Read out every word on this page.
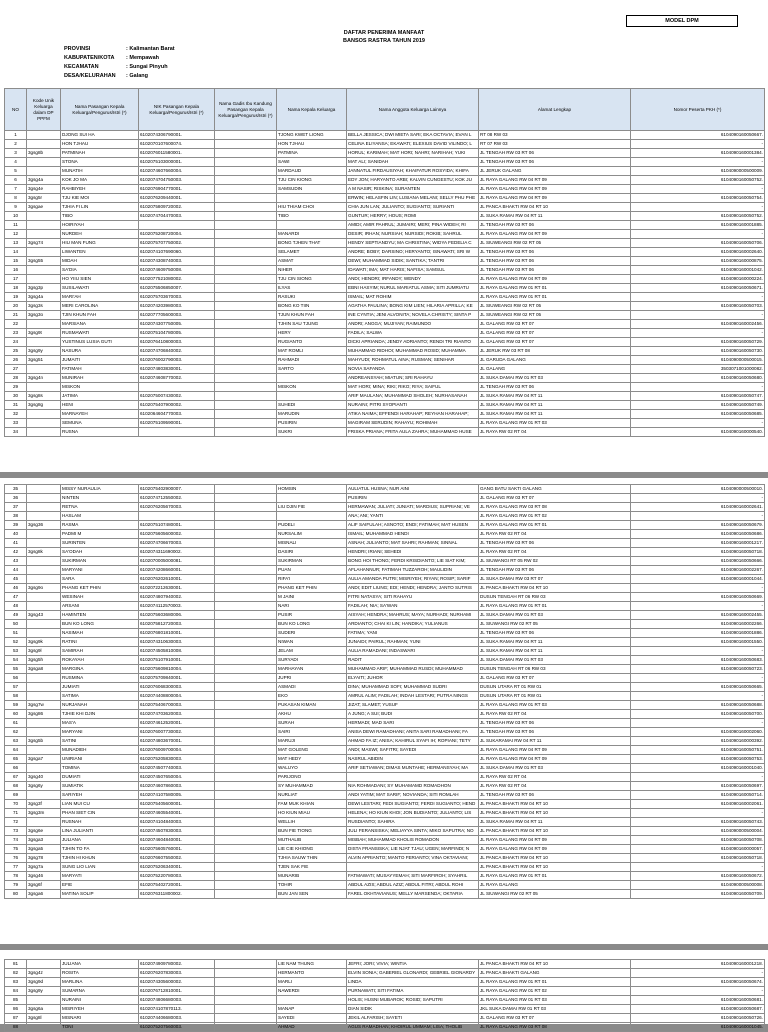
MODEL DPM
DAFTAR PENERIMA MANFAAT
BANSOS RASTRA TAHUN 2019
PROVINSI	: Kalimantan Barat
KABUPATEN/KOTA : Mempawah
KECAMATAN	: Sungai Pinyuh
DESA/KELURAHAN : Galang
NO	Kode Unik Keluarga dalam DP PPFM	Nama Pasangan Kepala Keluarga/Pengurus/Istri (*)	NIK Pasangan Kepala Keluarga/Pengurus/Istri (*)	Nama Gadis Ibu Kandung Pasangan Kepala Keluarga/Pengurus/Istri (*)	Nama Kepala Keluarga	Nama Anggota Keluarga Lainnya	Alamat Lengkap	Nomor Peserta PKH (*)
1		DJONG SUI HA	6102074306790001.		TJONG KWET LIONG	BELLA JESSICA; DWI MIETA SARI; EKA OCTAVIA; EVAN L	RT 08 RW 03	6104090160050667.
2		HON TJHAU	6102070107600074.		HON TJHAU	CELINA ELIYANSA; EKAWATI; ELEXIUS DAVID VILINDO; L	RT 07 RW 03	-
3	3gsg8b	PATMINAH	6102076011580001.		PATMINA	HORUL; KARIMAH; MAT HORI; NAHRI; NARIHAH; YUKI	JL TENGAH RW 03 RT 06	6104090160001384.
4		STONA	6102075103000001.		SAWI	MAT ALI; SANIDAH	JL TENGAH RW 03 RT 06	-
5		MUNATIH	6102074607660004.		MARDAUD	JANNATUL FIRDAUSIYAH; KHAIFATUR ROSYIDA; KHIFA	JL JERUK GALANG	6104090000500009.
6	3gsg4a	KOK JO MA	6102074704750003.		TJU CIN KIONG	EDY JON; HARYANTO ARBI; KALVIN CUNGESTU; KOK JU	JL RAYA GALANG RW 04 RT 09	6104090160050752.
7	3gsg4e	RAHBIYEH	6102076904770001.		SAMSUDIN	A M NASIR; RISKINA; SURANTEN	JL RAYA GALANG RW 04 RT 09	-
8	3gsg5r	TJU KIE MOI	6102076209440001.			ERWIN; HELASFIN LIN; LUSIANA MELANI; SELLY PHU PHE	JL RAYA GALANG RW 04 RT 09	6104090160050754.
9	3gsgae	TJHIA FI LIN	6102075809720002.		HIU THIAM CHOI	CHIA JUN LAN; JULIANTO; SUGIANTO; SURIANTI	JL PANCA BHAKTI RW 04 RT 10	-
10		TIBO	6102074704470003.		TIBO	GUNTUR; HERRY; HOUS; ROMI	JL SUKA RAMAI RW 04 RT 11	6104090160050752.
11		HOIRIYAH				AMIDI; AMIR PAHRUL; JUMAIRI; MERI; PINA WIDEH; RI	JL TENGAH RW 03 RT 06	6104090160001885.
12		NURDEH	6102075208720004.		MANARDI	DESIR; IRHAN; NURSIAH; NURSIDI; ROKIB; SAHRUL	JL RAYA GALANG RW 04 RT 09	-
13	3gsg74	HIU MAN FUNG	6102075707750002.		BONG TJHEN THAT	HENDY SEPTIANDYU; MA CHRISTINA; WIDYA FEDELIA C	JL SIUWEANGI RW 02 RT 05	6104090160050706.
14		LIWANTEN	6102074107690060.		SELAMET	ANDRE; BOBY; DARSINO; HERYANTO; ISNAWATI; SRI W	JL TENGAH RW 03 RT 06	6104090160002640.
15	3gsg55	MIDAH	6102074308740003.		ASMAT	DEWI; MUHAMMAD SIDIK; SANTIKA; TANTRI	JL TENGAH RW 03 RT 06	6104090160000875.
16		SA'DIA	6102074609750008.		NIHER	IDAWATI; IMA; MAT HARIS; NAFISA; SAMSUL	JL TENGAH RW 03 RT 06	6104090160001042.
17		HO YIIU SIEN	6102077521080002.		TJU CIN SIONG	ANDI; HENDRI; IRFANDY; WENDY	JL RAYA GALANG RW 04 RT 09	6104090160000224.
18	3gsg3p	SUSILAWATI	6102075506850007.		ILYAS	EBNI HASYIM; NURUL MARIATUL ASMA; SITI JUMRIATU	JL RAYA GALANG RW 01 RT 01	6104090160050671.
19	3gsg4a	MARI'AH	6102075703670003.		RASUKI	ISMAIL; MAT ROHIM	JL RAYA GALANG RW 01 RT 01	-
20	3gsg3s	MERI CAROLINA	6102074203980003.		BONG KO TIIN	AGATHA PAULINA; BONG KIM LIEN; HILARIA APRILLA; KE	JL SIUWEANGI RW 02 RT 05	6104090160050703.
21	3gsg3o	TJIN KHUN FAH	6102077705600003.		TJUN KHUN FAH	INE CYNTIA; JENI ALVONITA; NOVELA CHRISTY; SINTA P	JL SIUWEANGI RW 02 RT 05	-
22		MARSIANA	6102074307750005.		TJHIN SAU TJUNG	ANDRI; ANGGA; MUJIYAN; RAIMUNDO	JL GALANG RW 03 RT 07	6104090160002456.
23	3gsg9t	RUSMAWATI	6102075104780005.		HERY	FADILA; SALWA	JL GALANG RW 03 RT 07	-
24		YUSTINUS LUSIA GUTI	6102076410800003.		RUGIANTO	DICKI APRIANDA; JENDY ADRIANTO; RENDI TRI RIANTO	JL GALANG RW 03 RT 07	6104090160050729.
25	3gsg9y	NASURA	6102074706840002.		MAT ROMLI	MUHAMMAD RIDHOI; MUHAMMAD ROSID; MUHAMMA	JL JERUK RW 03 RT 08	6104090160050730.
26	3gsg51	JUMAITI	6102076002790003.		RAHMADI	MAHYUDI; ROHMATUL AINA; RUSMAN; SENIHAR	JL GARUDA GALANG	6104090000500015.
27		FATIMAH	6102074803830001.		SARTO	NOVIA SAFANDA	JL GALANG	3503071001000082.
28	3gsg4n	MUNIRAH	6102074608770002.			ANDREANSYAH; MIATUN; SRI RAHAYU	JL SUKA DAMAI RW 01 RT 03	6104090160050680.
29		MISKON			MISKON	MAT HORI; MINA; RIKI; RIKO; RIYA; SAIFUL	JL TENGAH RW 03 RT 06	-
30	3gsg8s	JATIMA	6102075007430002.			ARIF MAULANA; MUHAMMAD SHOLEH; NURHASANAH	JL SUKA RAMAI RW 04 RT 11	6104090160050747.
31	3gsg8g	HENI	6102075407900002.		SUHEDI	NURAINI; PITRI SYOPIANTI	JL SUKA RAMAI RW 04 RT 11	6104090160050749.
32		MARNAYEH	6102064604770003.		MARUDIN	ATIKA NAIMA; EFFENDI HARAHAP; REYHAN HARAHAP;	JL SUKA RAMAI RW 04 RT 11	6104090160050685.
33		SEMUNA	6102075109590001.		PUSIRIN	MAGIRAM SERUDIN; RAHAYU; ROHIMAH	JL RAYA GALANG RW 01 RT 03	-
34		RUSNA			SUKRI	FRISKA PRIANA; FRITA AULA ZAHRA; MUHAMMAD HUSE	JL RAYA RW 02 RT 04	6104090160000540.
35		MISSY NURAULIA	6102075402900007.		HOMSIN	AULIATUL HUSNA; NUR AINI	GANG BATU SAKTI GALANG	6104090000500010.
36		NINTEN	6102074712550002.			PUSIRIN	JL GALANG RW 03 RT 07	-
37		RETNA	6102076205670003.		LIU DJIN FIE	HERMAWAN; JULIATI; JUNIATI; MARDIUS; SUPRIANI; VE	JL RAYA GALANG RW 03 RT 08	6104090160002641.
38		HASLAM				ANA; ANI; YANTI	JL RAYA GALANG RW 01 RT 02	-
39	3gsg36	RASMA	6102075107480001.		PUDELI	ALIF SAIFULAH; ASNOTO; ENDI; FATIMAH; MAT HUSEN	JL RAYA GALANG RW 01 RT 01	6104090160050679.
40		PADMI M	6102075605600002.		NURSALIM	ISMAIL; MUHAMMAD HENDI	JL RAYA RW 02 RT 04	6104090160050686.
41		SURINTEN	6102074706670003.		MISNALI	ASNAH; JULIANTO; MAT SAHRI; RAHMAN; SINNAL	JL TENGAH RW 03 RT 06	6104090160001217.
42	3gsg8k	SA'ODAH	6102074311690002.		DASIRI	HENDRI; IRIANI; SEHEDI	JL RAYA RW 02 RT 04	6104090160050718.
43		SUKIRMAN	6102070005000081.		SUKIRMAN	BONG HOI THONG; FERDI KRISDIANTO; LIE SIAT KIM;	JL SIUWANGI RT 05 RW 02	6104090160050666.
44		MARYANI	6102074208660001.		PUAN	AFLAHANNUR; FATIMAH TUZZAROH; MAULIDIN	JL TENGAH RW 03 RT 06	6104090160002267.
45		SARA	6102076202610001.		RIFA'I	AULIA AMANDA PUTRI; MISRIYEH; RIYAN; ROSIP; SARIF	JL SUKA DAMAI RW 03 RT 07	6104090160001044.
46	3gsg9o	PHANG KET PHIN	6102072212630001.		PHANG KET PHIN	ANDI; EDIT LIUNG; EDI; HENDI; HENDRA; JANTO SUTRIS	JL PANCA BHAKTI RW 04 RT 10	-
47		WESINAH	6102074807940002.		M JAINI	FITRI NATASYA; SITI RAHAYU	DUSUN TENGAH RT 06 RW 03	6104090160050669.
48		ARSANI	6102074112570003.		NARI	FADILAH; NIA; SA'WAN	JL RAYA GALANG RW 01 RT 01	-
49	3gsg43	HAMINTEN	6102075603680006.		PUSIR	AISYAH; HENDRA; MAHRUS; MAYA; NURHADI; NURHAMI	JL SUKA DAMAI RW 01 RT 03	6104090160002455.
50		BUN KO LONG	6102075812720003.		BUN KO LONG	ARDIANTO; CHAI KI LIN; HANDIKA; YULIANUS	JL SIUWANGI RW 02 RT 05	6104090160002266.
51		NASIMAH	6102076801810001.		SUDERI	FATIMA; YANI	JL TENGAH RW 03 RT 06	6104090160001886.
52	3gsg9k	RATINI	6102074310630003.		NIWAN	JUNAIDI; PAIRUL; RAHMAN; YUNI	JL SUKA RAMAI RW 04 RT 11	6104090160001550.
53	3gsg9l	SAMIRAH	6102074505810008.		JELAM	AULIA RAMADANI; INDASWARI	JL SUKA RAMAI RW 04 RT 11	-
54	3gsg5h	ROKAYAH	6102075107910001.		SURYADI	RADIT	JL SUKA DAMAI RW 01 RT 03	6104090160050683.
55	3gsga8	MARGINA	6102075609810004.		MARHAYAN	MUHAMMAD ARIF; MUHAMMAD RUSDI; MUHAMMAD	DUSUN TENGAH RT 06 RW 03	6104090160050723.
56		RUSMINA	6102075709840001.		JUPRI	ELYAITI; JUHOR	JL GALANG RW 03 RT 07	-
57		JUMIATI	6102076068300003.		ASMADI	DINA; MUHAMMAD SOFI; MUHAMMAD SUDRI	DUSUN UTARA RT 01 RW 01	6104090160050665.
58		SATIMA	6102074408800004.		EKO	AMRUL ALIM; FADILAH; INDAH LESTARI; PUTRA NINGS	DUSUN UTARA RT 01 RW 01	-
59	3gsg7w	NURJANAH	6102075406700003.		PUKASAN KIMAN	JIZAT; SLAMET; YUSUF	JL RAYA GALANG RW 01 RT 03	6104090160050688.
60	3gsg86	TJHIE KHI DJIN	6102074703620003.		AKHU	A JUNG; A SUI; BUDI	JL RAYA RW 02 RT 04	6104090160050700.
61		MAS'A	6102074612520001.		SURAH	HERMADI; MAD SARI	JL TENGAH RW 03 RT 06	-
62		MARYANI	6102076007730002.		SAIRI	ANISA DEWI RAMADHANI; ANITA SARI RAMADHANI; FA	JL TENGAH RW 03 RT 06	6104090160002060.
63	3gsg5b	SATINI	6102074803670001.		MARUJI	AHMAD FA IZ; ANISA; KAHIRUL SYAFI IH; ROPIANI; TETY	JL SUKARAMAI RW 04 RT 11	6104090160000392.
64		MUNADIEH	6102076009700004.		MAT GOLENG	ANDI; MASWI; SAFITRI; SAYEDI	JL RAYA GALANG RW 04 RT 09	6104090160050751.
65	3gsga7	UNIRIANI	6102075205830003.		MAT HEDY	NASRUL ABIDIN	JL RAYA GALANG RW 04 RT 09	6104090160050753.
66		TOMINA	6102074507740003.		WALUYO	ARIF SETIAWAN; DIMAS MUNTAHE; HERMANSYAH; MA	JL SUKA DAMAI RW 01 RT 03	6104090160001040.
67	3gsg40	DUMIATI	6102074507650004.		PARIJONO		JL RAYA RW 02 RT 04	-
68	3gsg6y	SUMIATIK	6102074607860003.		SY MUHAMMAD	NIA ROHMADANI; SY MUHAMAMD ROMADHON	JL RAYA RW 02 RT 04	6104090160050697.
69		SARIYEH	6102074107580005.		NURLIAT	ANDI YATIM; MAT SARIF; NOVIANDA; SITI ROMLAH	JL TENGAH RW 03 RT 06	6104090160050714.
70	3gsg3f	LIAN MUI CU	6102075405600001.		FAM MUK KHIAN	DEWI LESTARI; FEDI SUGIANTO; FERDI SUGIANTO; HEND	JL PANCA BHAKTI RW 04 RT 10	6104090160002061.
71	3gsg3m	PHAN SIET CIN	6102074605540001.		HO KIUN MIAU	HELENA; HO KIUN KHOI; JON BUDIANTO; JULIANTO; LIS	JL PANCA BHAKTI RW 04 RT 10	-
72		RUSNAH	6102074104840003.		WELLIH	RUSDIANTO; SAHIRA	JL SUKA RAMAI RW 04 RT 11	6104090160050743.
73	3gsg6e	LINA JULIANTI	6102074507830003.		BUN FIE TIONG	JULI FERANSISKA; MELIAYYA SINTA; MIKO SAPUTRA; NO	JL PANCA BHAKTI RW 04 RT 10	6104090000500004.
74	3gsga3	JULIANA	6102074604840001.		MUTHALIB	MISBAH; MUHAMMAD KHOLIS ROMADON	JL RAYA GALANG RW 04 RT 09	6104090160050708.
75	3gsga5	TJHIN TO FA	6102075605760001.		LIE CIE KHIONG	DISTA FRANSISKA; LIE NJAT TJAU; UGEN; MARFINDI; N	JL RAYA GALANG RW 04 RT 09	6104090160000057.
76	3gsg78	TJHIN HI KHUN	6102076607550002.		TJHIA SAUW THIN	ALVIN APRIANTO; MANTO FERIANTO; VINA OKTAVIANI;	JL PANCA BHAKTI RW 04 RT 10	6104090160050718.
77	3gsg7a	SUNG LIO LIAN	6102075206340001.		TJEN SAK FIE		JL PANCA BHAKTI RW 04 RT 10	-
78	3gsg46	MARYATI	6102075220780003.		MUNARIB	FATMAWATI; MUSAYYEMAH; SITI MARFIROH; SYAHRIL	JL RAYA GALANG RW 01 RT 01	6104090160050672.
79	3gsg6f	EFIE	6102075402720001.		TOHIR	ABDUL AZIS; ABDUL AZIZ; ABDUL FITRI; ABDUL ROHI	JL RAYA GALANG	6104090000500008.
80	3gsga6	MATINA SOLIP	6102076311800002.		BUN JAN SEN	FAREL OKHTAVIANUS; MELLY MARSENDA; OKTARIA	JL SIUWANGI RW 02 RT 05	6104090160050709.
81		JULIANA	6102074909780002.		LIE NAM THUNG	JEFRI; JORI; VIVIA; WINTIA	JL PANCA BHAKTI RW 04 RT 10	6104090160001218.
82	3gsg4z	ROSITA	6102076207830003.		HERMANTO	ELVIN SONIA; GABERIEL GLONARDI; GEBRIEL GIONARDY	JL PANCA BHAKTI GALANG	-
83	3gsg9d	MARLINA	6102074305600002.		MARLI	LINDA	JL RAYA GALANG RW 01 RT 01	6104090160050674.
84	3gsg9y	SUMARNA	6102076712810001.		NAWERDI	PURNAWATI; SITI FATIMA	JL RAYA GALANG RW 01 RT 02	-
85		NURAINI	6102074806680003.			HOLIS; HUSNI MUBAROK; ROSID; SAPUTRI	JL RAYA GALANG RW 01 RT 03	6104090160050681.
86	3gsg6a	MISRIYEH	6102074107870113.		MANAP	DIAN SIDIK	JKL SUKA DAMAI RW 01 RT 03	6104090160050687.
87	3gsg8l	MISNARI	6102074406680003.		SAYEDI	JEKIL ALFARISH; SAYETI	JL GALANG RW 03 RT 07	6104090160050726.
88		TONI	6102075207560003.		AHMAD	AGUS RAMADHAN; KHOIRUL UMMAM; LISA; THOLIB	JL RAYA GALANG RW 03 RT 08	6104090160001045.
